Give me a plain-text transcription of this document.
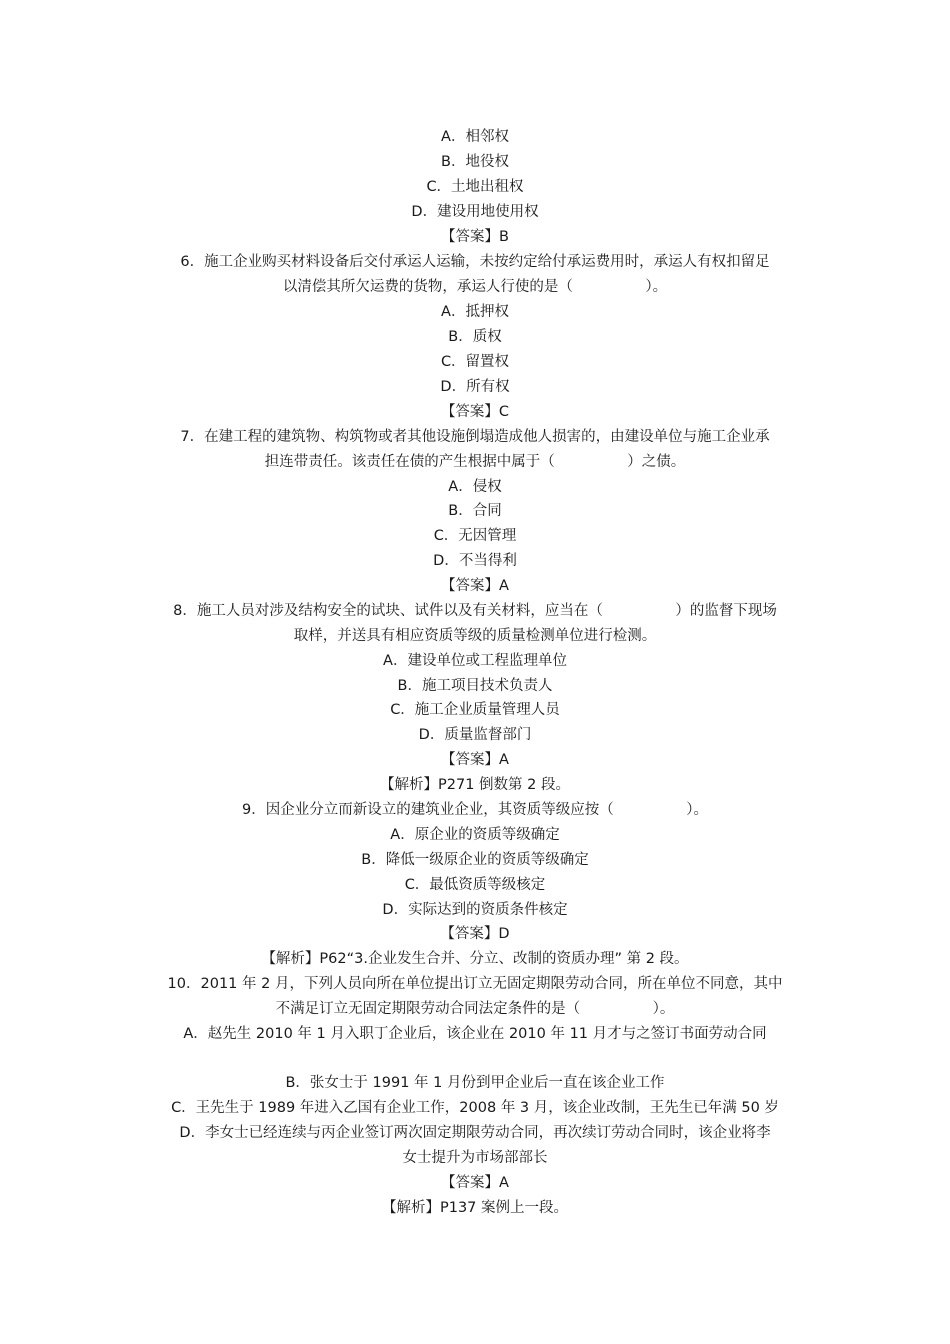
A．相邻权
B．地役权
C．土地出租权
D．建设用地使用权
【答案】B
6．施工企业购买材料设备后交付承运人运输，未按约定给付承运费用时，承运人有权扣留足
以清偿其所欠运费的货物，承运人行使的是（　　　　　）。
A．抵押权
B．质权
C．留置权
D．所有权
【答案】C
7．在建工程的建筑物、构筑物或者其他设施倒塌造成他人损害的，由建设单位与施工企业承
担连带责任。该责任在债的产生根据中属于（　　　　　）之债。
A．侵权
B．合同
C．无因管理
D．不当得利
【答案】A
8．施工人员对涉及结构安全的试块、试件以及有关材料，应当在（　　　　　）的监督下现场
取样，并送具有相应资质等级的质量检测单位进行检测。
A．建设单位或工程监理单位
B．施工项目技术负责人
C．施工企业质量管理人员
D．质量监督部门
【答案】A
【解析】P271 倒数第 2 段。
9．因企业分立而新设立的建筑业企业，其资质等级应按（　　　　　）。
A．原企业的资质等级确定
B．降低一级原企业的资质等级确定
C．最低资质等级核定
D．实际达到的资质条件核定
【答案】D
【解析】P62“3.企业发生合并、分立、改制的资质办理” 第 2 段。
10．2011 年 2 月，下列人员向所在单位提出订立无固定期限劳动合同，所在单位不同意，其中
不满足订立无固定期限劳动合同法定条件的是（　　　　　）。
A．赵先生 2010 年 1 月入职丁企业后，该企业在 2010 年 11 月才与之签订书面劳动合同
B．张女士于 1991 年 1 月份到甲企业后一直在该企业工作
C．王先生于 1989 年进入乙国有企业工作，2008 年 3 月，该企业改制，王先生已年满 50 岁
D．李女士已经连续与丙企业签订两次固定期限劳动合同，再次续订劳动合同时，该企业将李
女士提升为市场部部长
【答案】A
【解析】P137 案例上一段。
